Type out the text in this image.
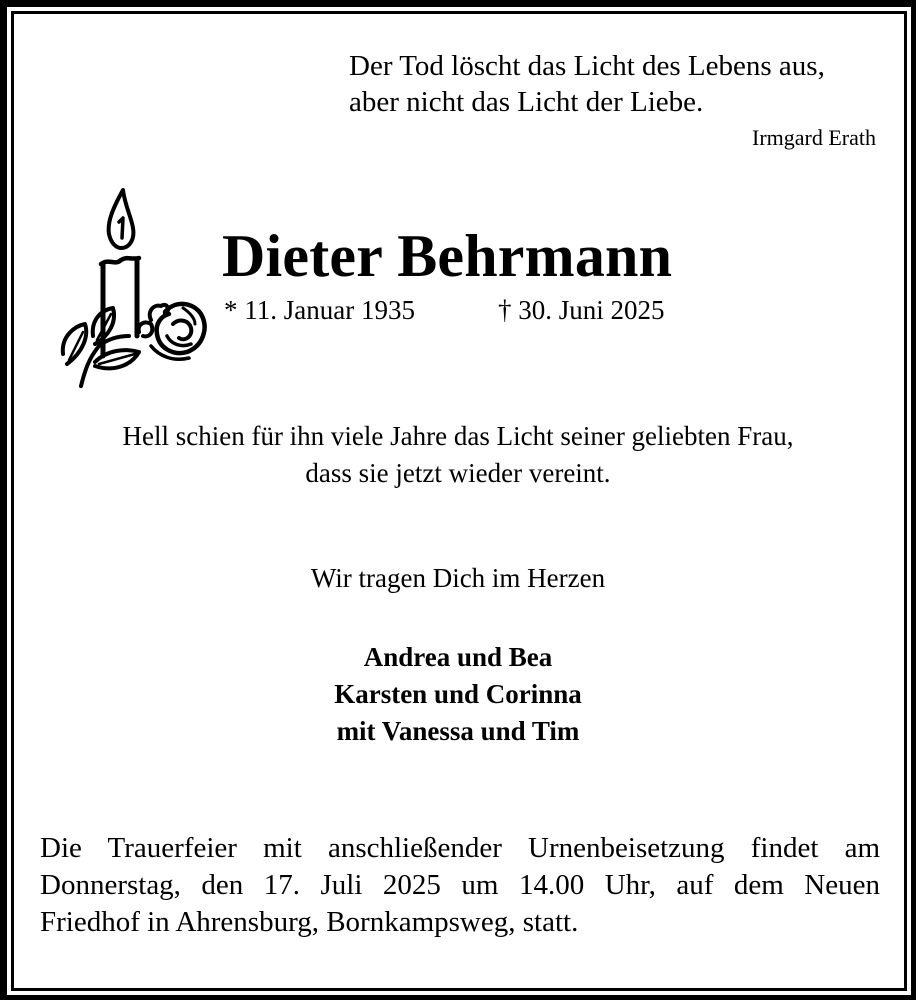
Der Tod löscht das Licht des Lebens aus,
aber nicht das Licht der Liebe.
Irmgard Erath
Dieter Behrmann
* 11. Januar 1935	† 30. Juni 2025
Hell schien für ihn viele Jahre das Licht seiner geliebten Frau,
dass sie jetzt wieder vereint.
Wir tragen Dich im Herzen
Andrea und Bea
Karsten und Corinna
mit Vanessa und Tim
Die Trauerfeier mit anschließender Urnenbeisetzung findet am
Donnerstag, den 17. Juli 2025 um 14.00 Uhr, auf dem Neuen
Friedhof in Ahrensburg, Bornkampsweg, statt.
